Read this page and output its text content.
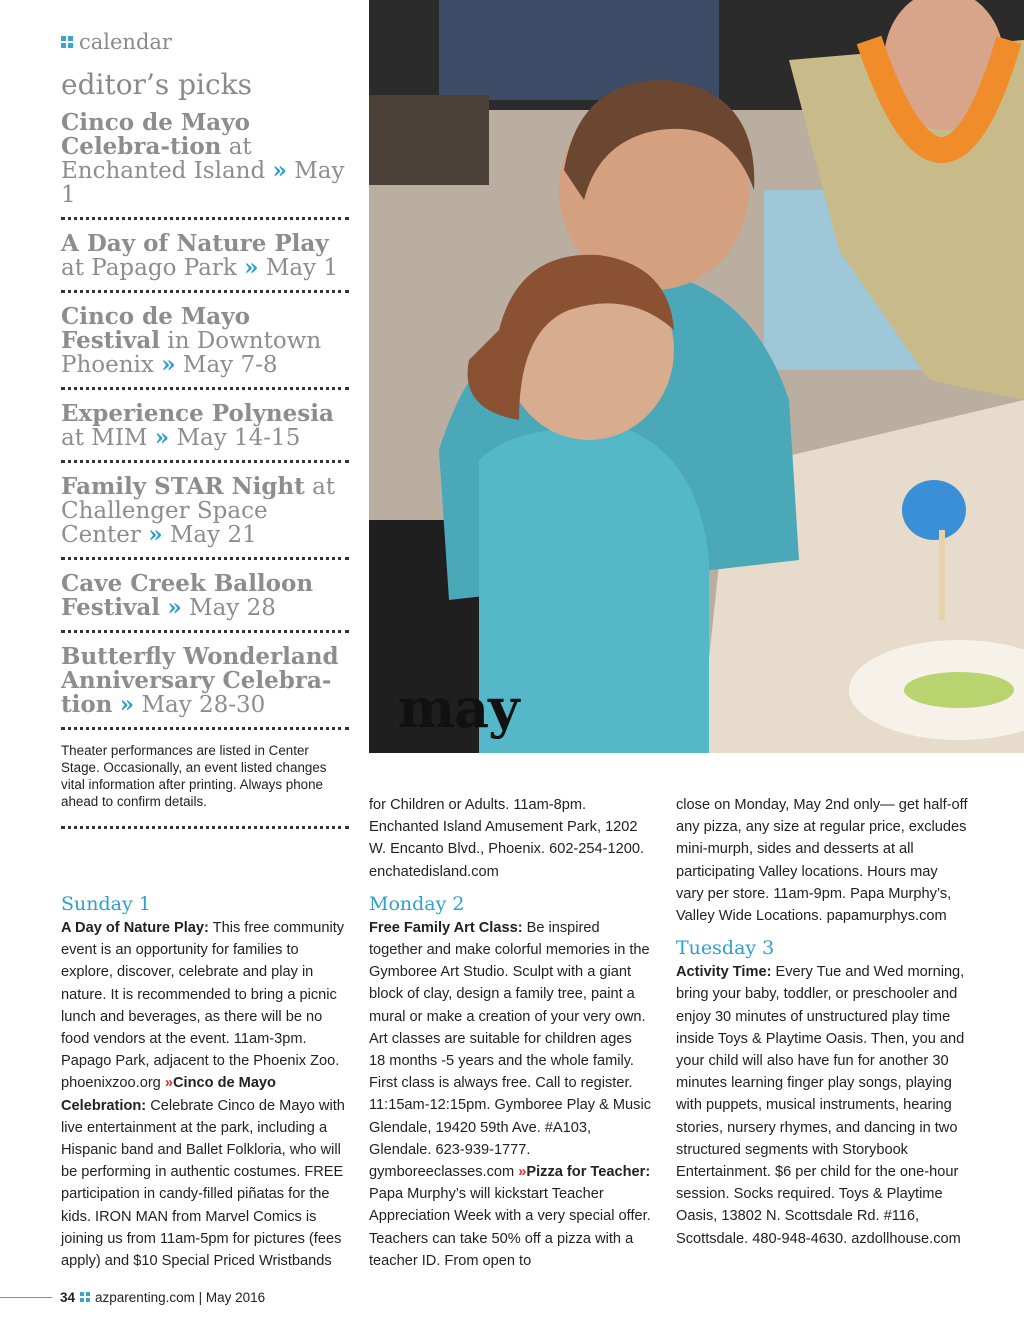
calendar
editor’s picks
Cinco de Mayo Celebra-tion at Enchanted Island » May 1
A Day of Nature Play at Papago Park » May 1
Cinco de Mayo Festival in Downtown Phoenix » May 7-8
Experience Polynesia at MIM » May 14-15
Family STAR Night at Challenger Space Center » May 21
Cave Creek Balloon Festival » May 28
Butterfly Wonderland Anniversary Celebra-tion » May 28-30
Theater performances are listed in Center Stage. Occasionally, an event listed changes vital information after printing. Always phone ahead to confirm details.
may
Sunday 1
A Day of Nature Play: This free community event is an opportunity for families to explore, discover, celebrate and play in nature. It is recommended to bring a picnic lunch and beverages, as there will be no food vendors at the event. 11am-3pm. Papago Park, adjacent to the Phoenix Zoo. phoenixzoo.org »Cinco de Mayo Celebration: Celebrate Cinco de Mayo with live entertainment at the park, including a Hispanic band and Ballet Folkloria, who will be performing in authentic costumes. FREE participation in candy-filled piñatas for the kids. IRON MAN from Marvel Comics is joining us from 11am-5pm for pictures (fees apply) and $10 Special Priced Wristbands
for Children or Adults. 11am-8pm. Enchanted Island Amusement Park, 1202 W. Encanto Blvd., Phoenix. 602-254-1200. enchatedisland.com
Monday 2
Free Family Art Class: Be inspired together and make colorful memories in the Gymboree Art Studio. Sculpt with a giant block of clay, design a family tree, paint a mural or make a creation of your very own. Art classes are suitable for children ages 18 months -5 years and the whole family. First class is always free. Call to register. 11:15am-12:15pm. Gymboree Play & Music Glendale, 19420 59th Ave. #A103, Glendale. 623-939-1777. gymboreeclasses.com »Pizza for Teacher: Papa Murphy’s will kickstart Teacher Appreciation Week with a very special offer. Teachers can take 50% off a pizza with a teacher ID. From open to
close on Monday, May 2nd only— get half-off any pizza, any size at regular price, excludes mini-murph, sides and desserts at all participating Valley locations. Hours may vary per store. 11am-9pm. Papa Murphy’s, Valley Wide Locations. papamurphys.com
Tuesday 3
Activity Time: Every Tue and Wed morning, bring your baby, toddler, or preschooler and enjoy 30 minutes of unstructured play time inside Toys & Playtime Oasis. Then, you and your child will also have fun for another 30 minutes learning finger play songs, playing with puppets, musical instruments, hearing stories, nursery rhymes, and dancing in two structured segments with Storybook Entertainment. $6 per child for the one-hour session. Socks required. Toys & Playtime Oasis, 13802 N. Scottsdale Rd. #116, Scottsdale. 480-948-4630. azdollhouse.com
34 azparenting.com
|
May 2016
